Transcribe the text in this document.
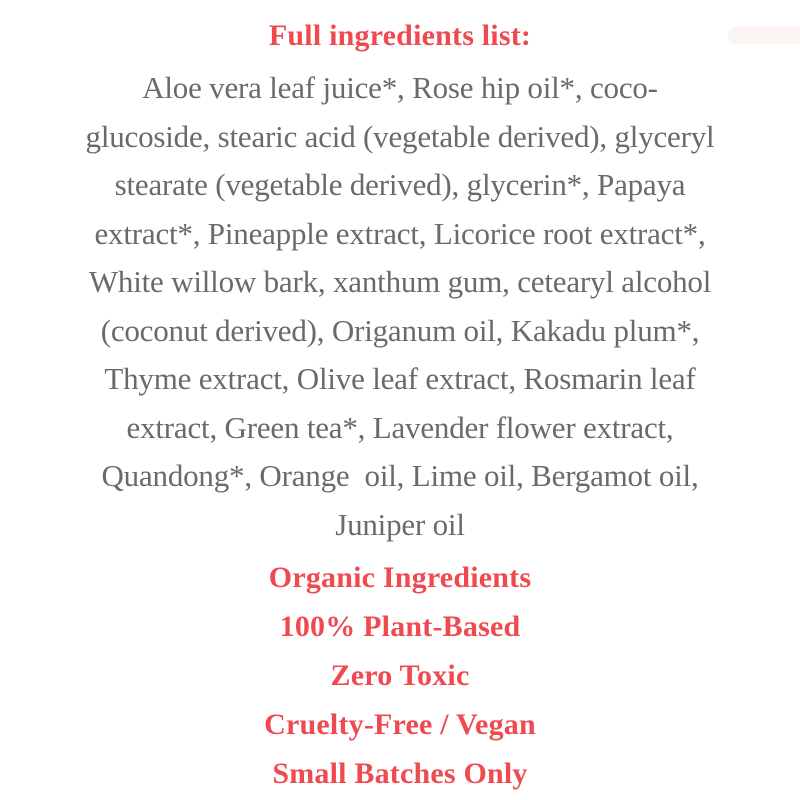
Full ingredients list:
Aloe vera leaf juice*, Rose hip oil*, coco-
glucoside, stearic acid (vegetable derived), glyceryl
stearate (vegetable derived), glycerin*, Papaya
extract*, Pineapple extract, Licorice root extract*,
White willow bark, xanthum gum, cetearyl alcohol
(coconut derived), Origanum oil, Kakadu plum*,
Thyme extract, Olive leaf extract, Rosmarin leaf
extract, Green tea*, Lavender flower extract,
Quandong*, Orange  oil, Lime oil, Bergamot oil,
Juniper oil
Organic Ingredients
100% Plant-Based
Zero Toxic
Cruelty-Free / Vegan
Small Batches Only
